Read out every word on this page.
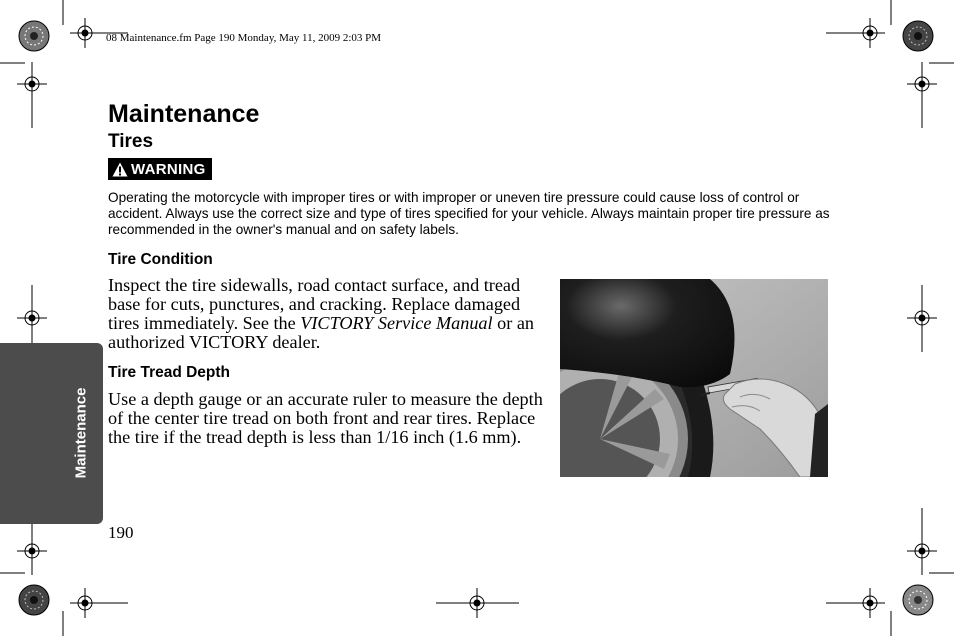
08 Maintenance.fm Page 190 Monday, May 11, 2009 2:03 PM
Maintenance
Tires
WARNING
Operating the motorcycle with improper tires or with improper or uneven tire pressure could cause loss of control or accident. Always use the correct size and type of tires specified for your vehicle. Always maintain proper tire pressure as recommended in the owner's manual and on safety labels.
Tire Condition
Inspect the tire sidewalls, road contact surface, and tread base for cuts, punctures, and cracking. Replace damaged tires immediately. See the VICTORY Service Manual or an authorized VICTORY dealer.
Tire Tread Depth
Use a depth gauge or an accurate ruler to measure the depth of the center tire tread on both front and rear tires. Replace the tire if the tread depth is less than 1/16 inch (1.6 mm).
Maintenance
190
